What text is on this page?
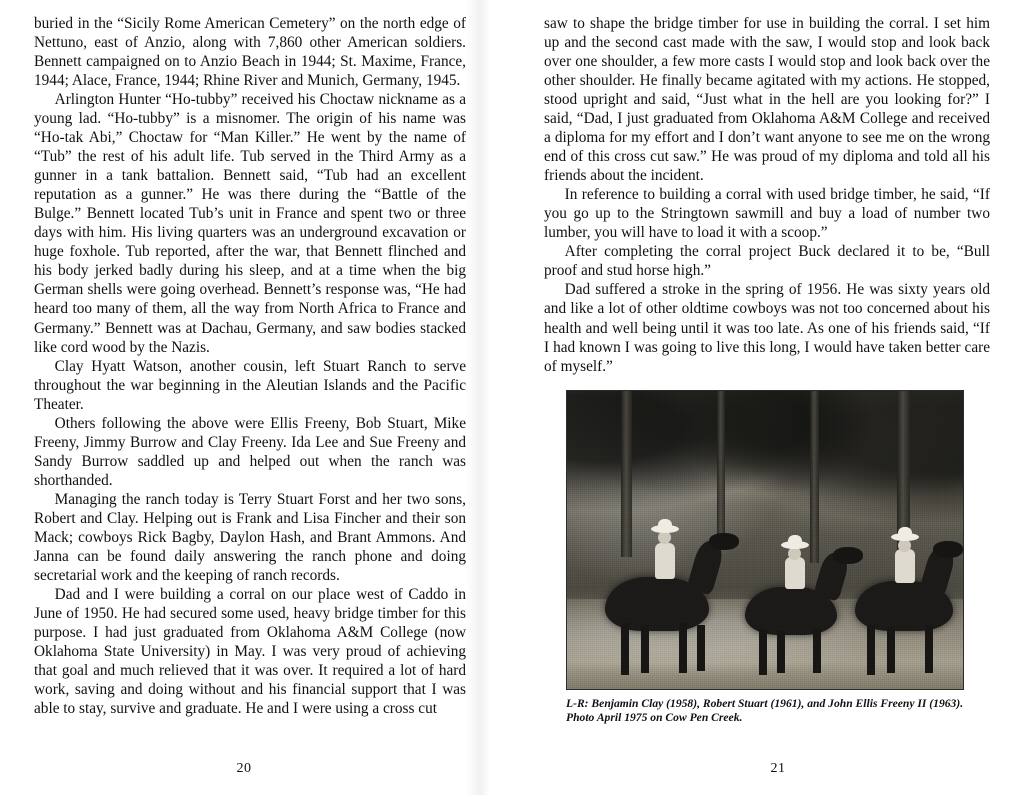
buried in the “Sicily Rome American Cemetery” on the north edge of Nettuno, east of Anzio, along with 7,860 other American soldiers. Bennett campaigned on to Anzio Beach in 1944; St. Maxime, France, 1944; Alace, France, 1944; Rhine River and Munich, Germany, 1945.

Arlington Hunter “Ho-tubby” received his Choctaw nickname as a young lad. “Ho-tubby” is a misnomer. The origin of his name was “Ho-tak Abi,” Choctaw for “Man Killer.” He went by the name of “Tub” the rest of his adult life. Tub served in the Third Army as a gunner in a tank battalion. Bennett said, “Tub had an excellent reputation as a gunner.” He was there during the “Battle of the Bulge.” Bennett located Tub’s unit in France and spent two or three days with him. His living quarters was an underground excavation or huge foxhole. Tub reported, after the war, that Bennett flinched and his body jerked badly during his sleep, and at a time when the big German shells were going overhead. Bennett’s response was, “He had heard too many of them, all the way from North Africa to France and Germany.” Bennett was at Dachau, Germany, and saw bodies stacked like cord wood by the Nazis.

Clay Hyatt Watson, another cousin, left Stuart Ranch to serve throughout the war beginning in the Aleutian Islands and the Pacific Theater.

Others following the above were Ellis Freeny, Bob Stuart, Mike Freeny, Jimmy Burrow and Clay Freeny. Ida Lee and Sue Freeny and Sandy Burrow saddled up and helped out when the ranch was shorthanded.

Managing the ranch today is Terry Stuart Forst and her two sons, Robert and Clay. Helping out is Frank and Lisa Fincher and their son Mack; cowboys Rick Bagby, Daylon Hash, and Brant Ammons. And Janna can be found daily answering the ranch phone and doing secretarial work and the keeping of ranch records.

Dad and I were building a corral on our place west of Caddo in June of 1950. He had secured some used, heavy bridge timber for this purpose. I had just graduated from Oklahoma A&M College (now Oklahoma State University) in May. I was very proud of achieving that goal and much relieved that it was over. It required a lot of hard work, saving and doing without and his financial support that I was able to stay, survive and graduate. He and I were using a cross cut

20

saw to shape the bridge timber for use in building the corral. I set him up and the second cast made with the saw, I would stop and look back over one shoulder, a few more casts I would stop and look back over the other shoulder. He finally became agitated with my actions. He stopped, stood upright and said, “Just what in the hell are you looking for?” I said, “Dad, I just graduated from Oklahoma A&M College and received a diploma for my effort and I don’t want anyone to see me on the wrong end of this cross cut saw.” He was proud of my diploma and told all his friends about the incident.

In reference to building a corral with used bridge timber, he said, “If you go up to the Stringtown sawmill and buy a load of number two lumber, you will have to load it with a scoop.”

After completing the corral project Buck declared it to be, “Bull proof and stud horse high.”

Dad suffered a stroke in the spring of 1956. He was sixty years old and like a lot of other oldtime cowboys was not too concerned about his health and well being until it was too late. As one of his friends said, “If I had known I was going to live this long, I would have taken better care of myself.”

L-R: Benjamin Clay (1958), Robert Stuart (1961), and John Ellis Freeny II (1963).
Photo April 1975 on Cow Pen Creek.
21
